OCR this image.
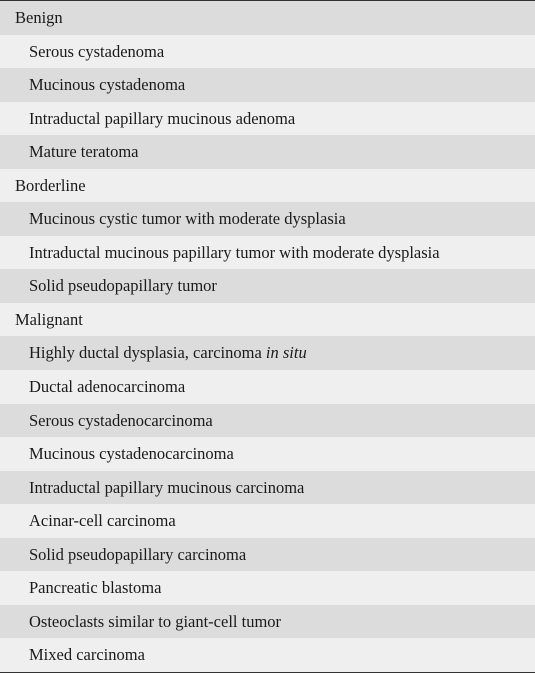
Benign
Serous cystadenoma
Mucinous cystadenoma
Intraductal papillary mucinous adenoma
Mature teratoma
Borderline
Mucinous cystic tumor with moderate dysplasia
Intraductal mucinous papillary tumor with moderate dysplasia
Solid pseudopapillary tumor
Malignant
Highly ductal dysplasia, carcinoma in situ
Ductal adenocarcinoma
Serous cystadenocarcinoma
Mucinous cystadenocarcinoma
Intraductal papillary mucinous carcinoma
Acinar-cell carcinoma
Solid pseudopapillary carcinoma
Pancreatic blastoma
Osteoclasts similar to giant-cell tumor
Mixed carcinoma
